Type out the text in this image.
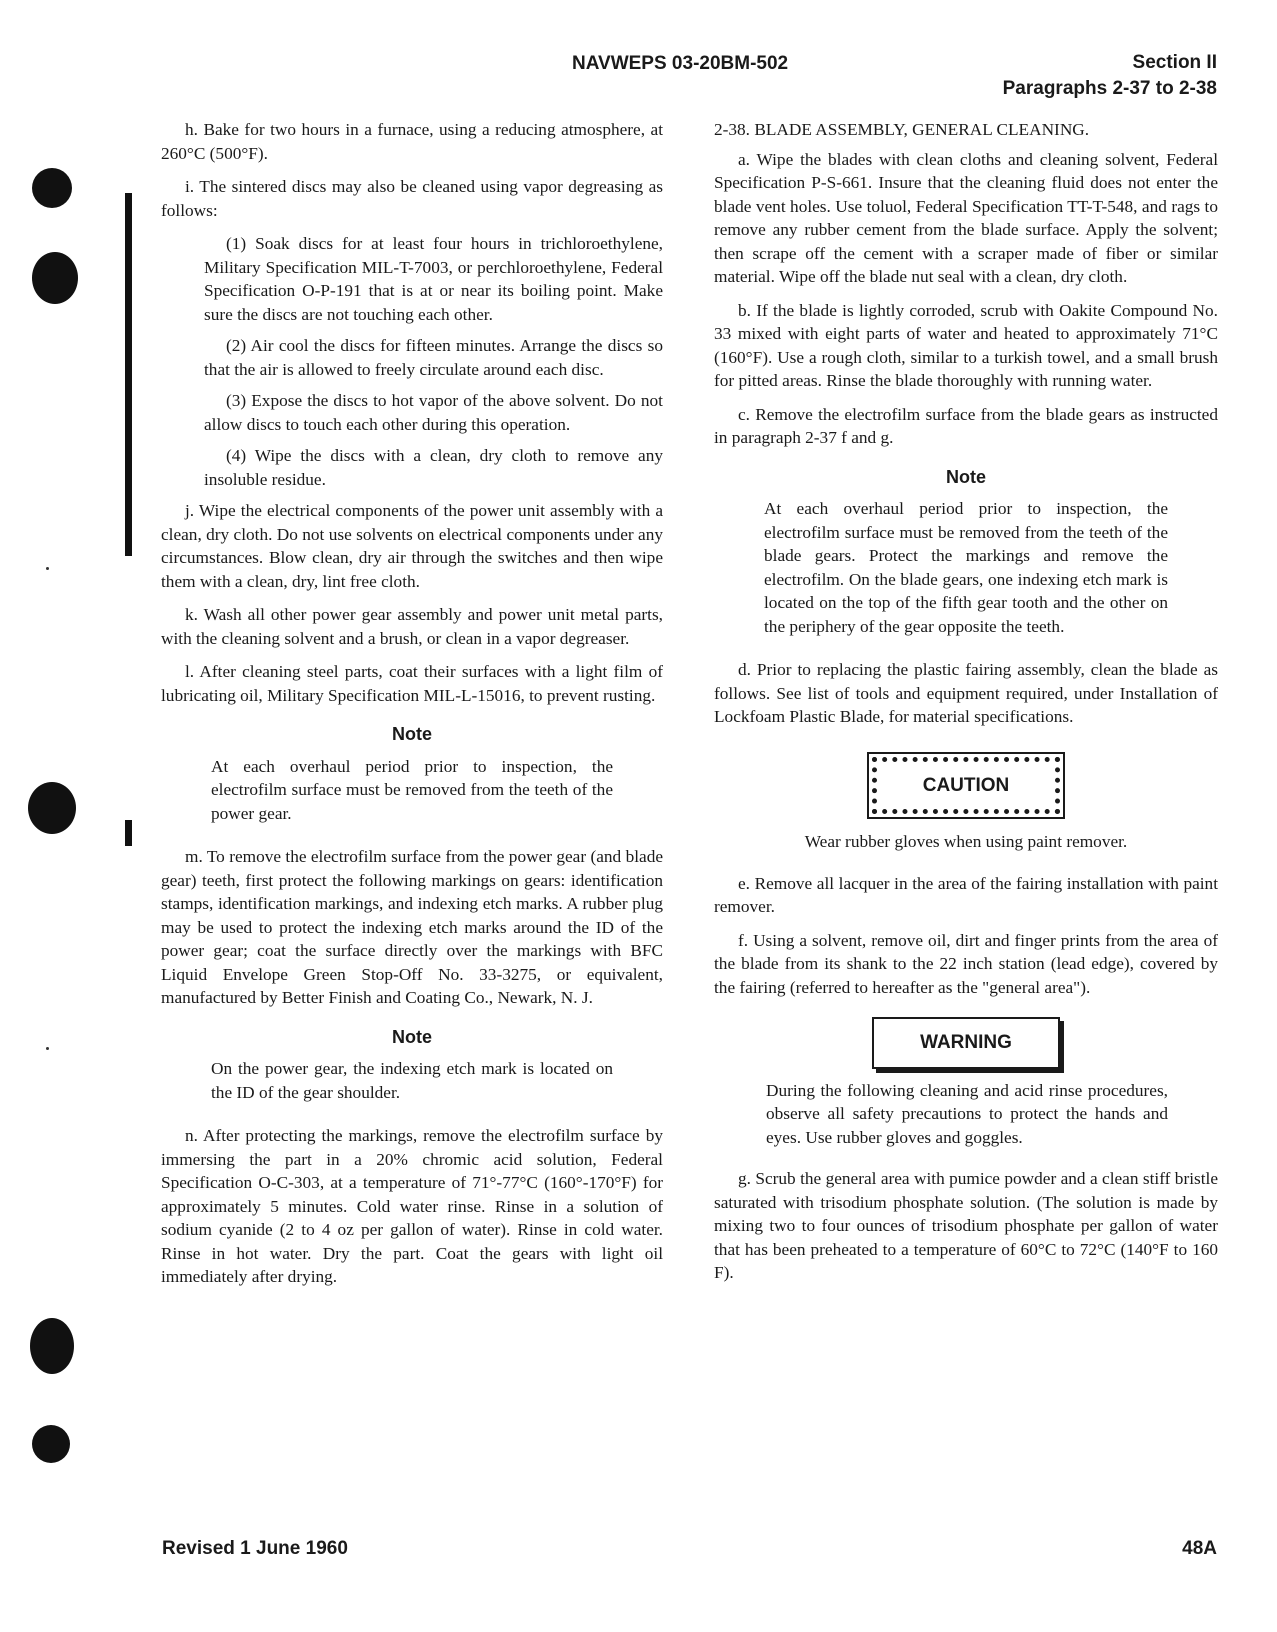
NAVWEPS 03-20BM-502	Section II
Paragraphs 2-37 to 2-38

h. Bake for two hours in a furnace, using a reducing atmosphere, at 260°C (500°F).

i. The sintered discs may also be cleaned using vapor degreasing as follows:

(1) Soak discs for at least four hours in trichloroethylene, Military Specification MIL-T-7003, or perchloroethylene, Federal Specification O-P-191 that is at or near its boiling point. Make sure the discs are not touching each other.

(2) Air cool the discs for fifteen minutes. Arrange the discs so that the air is allowed to freely circulate around each disc.

(3) Expose the discs to hot vapor of the above solvent. Do not allow discs to touch each other during this operation.

(4) Wipe the discs with a clean, dry cloth to remove any insoluble residue.

j. Wipe the electrical components of the power unit assembly with a clean, dry cloth. Do not use solvents on electrical components under any circumstances. Blow clean, dry air through the switches and then wipe them with a clean, dry, lint free cloth.

k. Wash all other power gear assembly and power unit metal parts, with the cleaning solvent and a brush, or clean in a vapor degreaser.

l. After cleaning steel parts, coat their surfaces with a light film of lubricating oil, Military Specification MIL-L-15016, to prevent rusting.

Note
At each overhaul period prior to inspection, the electrofilm surface must be removed from the teeth of the power gear.

m. To remove the electrofilm surface from the power gear (and blade gear) teeth, first protect the following markings on gears: identification stamps, identification markings, and indexing etch marks. A rubber plug may be used to protect the indexing etch marks around the ID of the power gear; coat the surface directly over the markings with BFC Liquid Envelope Green Stop-Off No. 33-3275, or equivalent, manufactured by Better Finish and Coating Co., Newark, N. J.

Note
On the power gear, the indexing etch mark is located on the ID of the gear shoulder.

n. After protecting the markings, remove the electrofilm surface by immersing the part in a 20% chromic acid solution, Federal Specification O-C-303, at a temperature of 71°-77°C (160°-170°F) for approximately 5 minutes. Cold water rinse. Rinse in a solution of sodium cyanide (2 to 4 oz per gallon of water). Rinse in cold water. Rinse in hot water. Dry the part. Coat the gears with light oil immediately after drying.

2-38. BLADE ASSEMBLY, GENERAL CLEANING.

a. Wipe the blades with clean cloths and cleaning solvent, Federal Specification P-S-661. Insure that the cleaning fluid does not enter the blade vent holes. Use toluol, Federal Specification TT-T-548, and rags to remove any rubber cement from the blade surface. Apply the solvent; then scrape off the cement with a scraper made of fiber or similar material. Wipe off the blade nut seal with a clean, dry cloth.

b. If the blade is lightly corroded, scrub with Oakite Compound No. 33 mixed with eight parts of water and heated to approximately 71°C (160°F). Use a rough cloth, similar to a turkish towel, and a small brush for pitted areas. Rinse the blade thoroughly with running water.

c. Remove the electrofilm surface from the blade gears as instructed in paragraph 2-37 f and g.

Note
At each overhaul period prior to inspection, the electrofilm surface must be removed from the teeth of the blade gears. Protect the markings and remove the electrofilm. On the blade gears, one indexing etch mark is located on the top of the fifth gear tooth and the other on the periphery of the gear opposite the teeth.

d. Prior to replacing the plastic fairing assembly, clean the blade as follows. See list of tools and equipment required, under Installation of Lockfoam Plastic Blade, for material specifications.

CAUTION
Wear rubber gloves when using paint remover.

e. Remove all lacquer in the area of the fairing installation with paint remover.

f. Using a solvent, remove oil, dirt and finger prints from the area of the blade from its shank to the 22 inch station (lead edge), covered by the fairing (referred to hereafter as the "general area").

WARNING
During the following cleaning and acid rinse procedures, observe all safety precautions to protect the hands and eyes. Use rubber gloves and goggles.

g. Scrub the general area with pumice powder and a clean stiff bristle saturated with trisodium phosphate solution. (The solution is made by mixing two to four ounces of trisodium phosphate per gallon of water that has been preheated to a temperature of 60°C to 72°C (140°F to 160 F).

Revised 1 June 1960	48A
